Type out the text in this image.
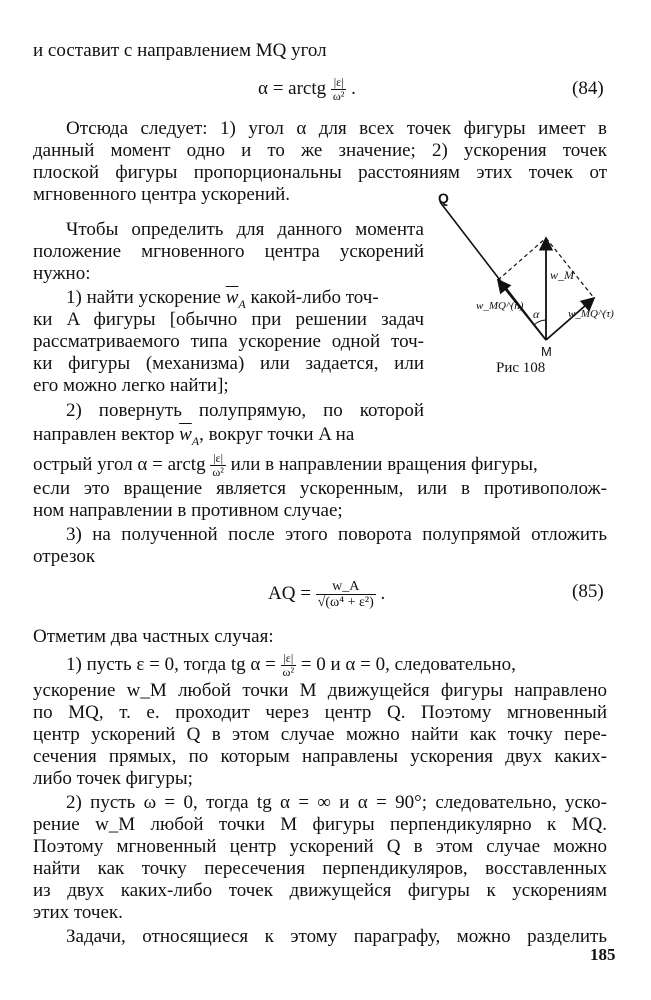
и составит с направлением MQ угол
α = arctg $\frac{|\varepsilon|}{\text{ω²}}$ .	(84)
Отсюда следует: 1) угол α для всех точек фигуры имеет в
данный момент одно и то же значение; 2) ускорения точек
плоской фигуры пропорциональны расстояниям этих точек от
мгновенного центра ускорений.
Чтобы определить для данного момента
положение мгновенного центра ускорений
нужно:
1) найти ускорение $\overline{w}_A$ какой-либо точ-
ки A фигуры [обычно при решении задач
рассматриваемого типа ускорение одной точ-
ки фигуры (механизма) или задается, или
его можно легко найти];
2) повернуть полупрямую, по которой
направлен вектор $\overline{w}_A$, вокруг точки A на
острый угол α = arctg $\frac{|\varepsilon|}{\text{ω²}}$ или в направлении вращения фигуры,
если это вращение является ускоренным, или в противополож-
ном направлении в противном случае;
3) на полученной после этого поворота полупрямой отложить
отрезок
AQ = $\frac{w\_A}{\text{√(ω⁴ + ε²)}}$ .	(85)
Отметим два частных случая:
1) пусть ε = 0, тогда tg $\alpha = \frac{|\varepsilon|}{\text{ω²}} = 0$ и α = 0, следовательно,
ускорение w_M любой точки M движущейся фигуры направлено
по MQ, т. е. проходит через центр Q. Поэтому мгновенный
центр ускорений Q в этом случае можно найти как точку пере-
сечения прямых, по которым направлены ускорения двух каких-
либо точек фигуры;
2) пусть ω = 0, тогда tg α = ∞ и α = 90°; следовательно, уско-
рение w_M любой точки M фигуры перпендикулярно к MQ.
Поэтому мгновенный центр ускорений Q в этом случае можно
найти как точку пересечения перпендикуляров, восставленных
из двух каких-либо точек движущейся фигуры к ускорениям
этих точек.
Q
M
w_M
w_MQ^(n)
w_MQ^(τ)
α
Рис 108
Задачи, относящиеся к этому параграфу, можно разделить
185
